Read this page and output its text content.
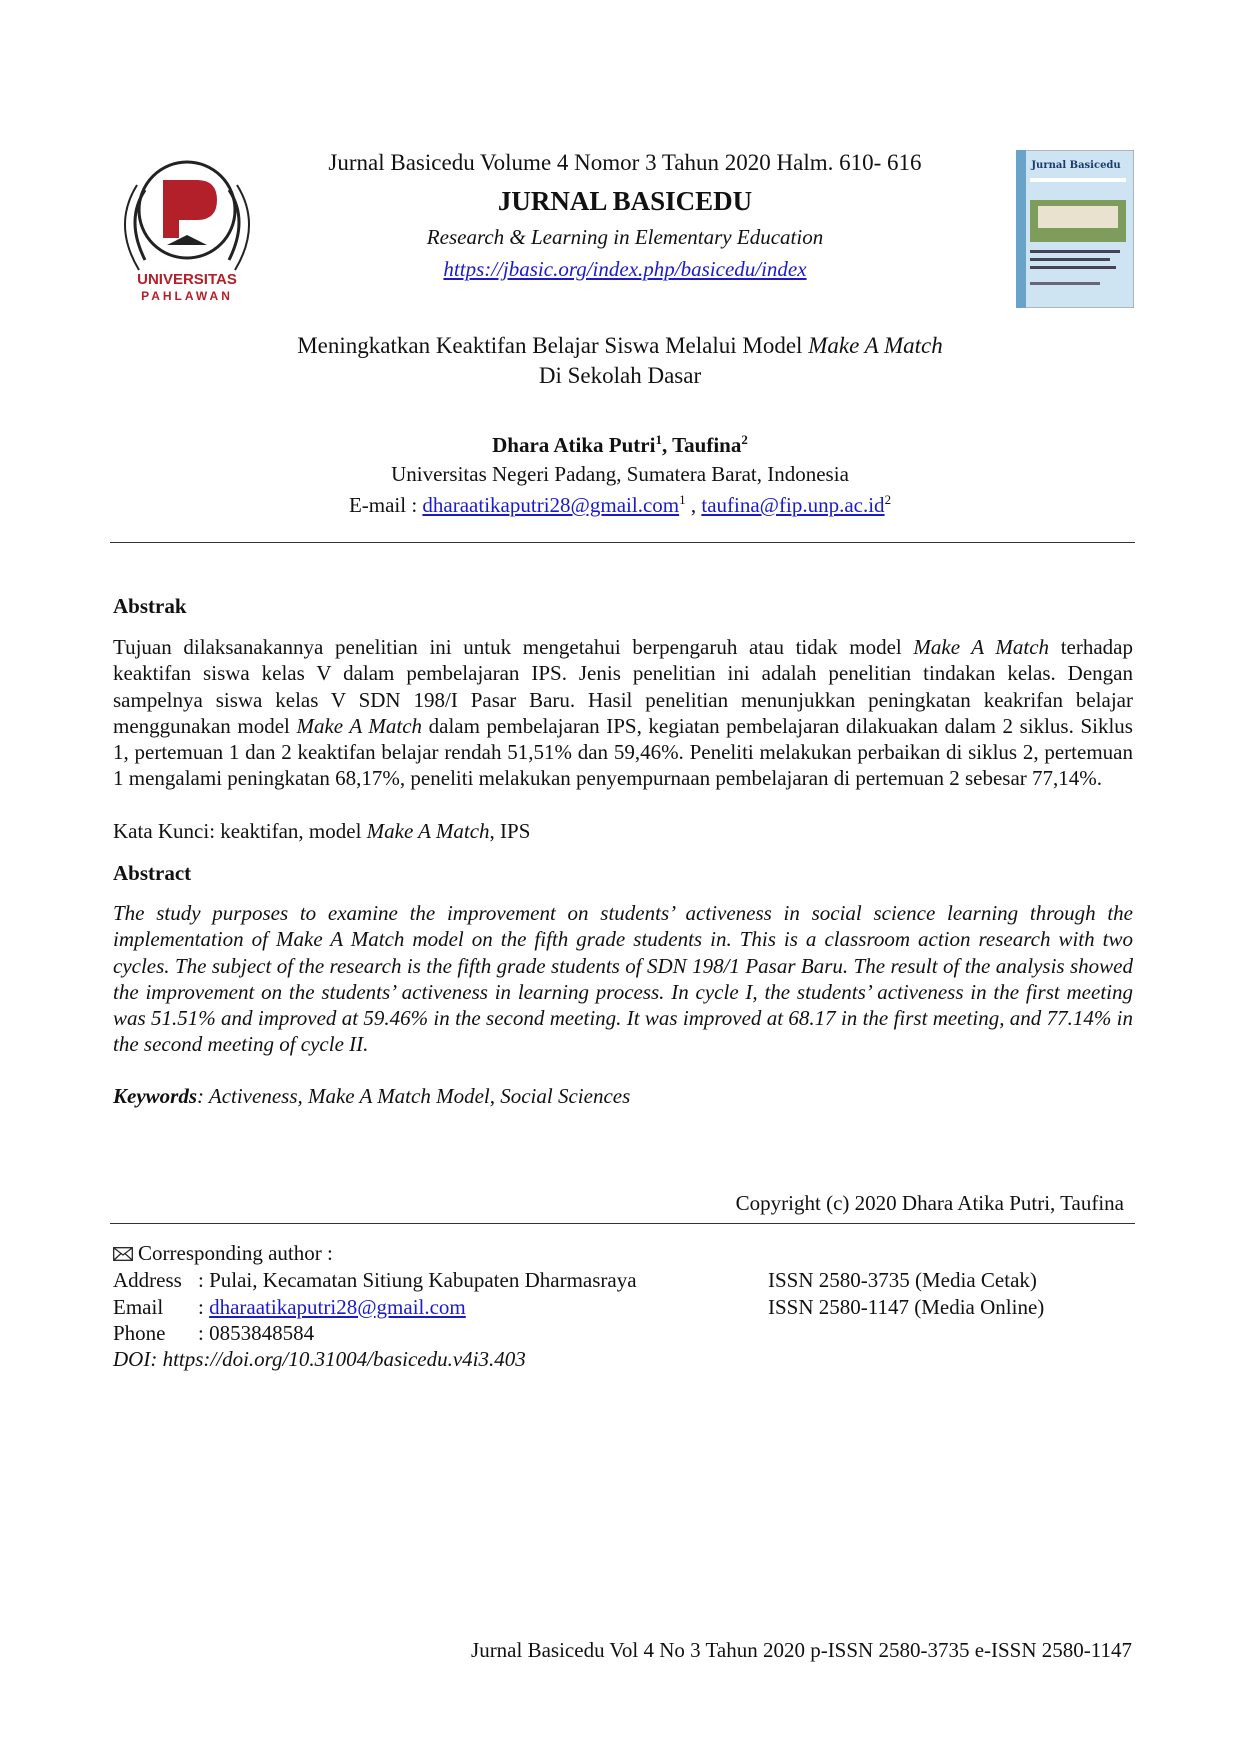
UNIVERSITAS
PAHLAWAN
Jurnal Basicedu
Jurnal Basicedu Volume 4 Nomor 3 Tahun 2020 Halm. 610- 616
JURNAL BASICEDU
Research & Learning in Elementary Education
https://jbasic.org/index.php/basicedu/index
Meningkatkan Keaktifan Belajar Siswa Melalui Model Make A Match
Di Sekolah Dasar
Dhara Atika Putri$^1$, Taufina$^2$
Universitas Negeri Padang, Sumatera Barat, Indonesia
E-mail : dharaatikaputri28@gmail.com$^1$ , $taufina@fip.unp.ac.id^2$
Abstrak
Tujuan dilaksanakannya penelitian ini untuk mengetahui berpengaruh atau tidak model Make A Match terhadap keaktifan siswa kelas V dalam pembelajaran IPS. Jenis penelitian ini adalah penelitian tindakan kelas. Dengan sampelnya siswa kelas V SDN 198/I Pasar Baru. Hasil penelitian menunjukkan peningkatan keakrifan belajar menggunakan model Make A Match dalam pembelajaran IPS, kegiatan pembelajaran dilakuakan dalam 2 siklus. Siklus 1, pertemuan 1 dan 2 keaktifan belajar rendah 51,51% dan 59,46%. Peneliti melakukan perbaikan di siklus 2, pertemuan 1 mengalami peningkatan 68,17%, peneliti melakukan penyempurnaan pembelajaran di pertemuan 2 sebesar 77,14%.
Kata Kunci: keaktifan, model Make A Match, IPS
Abstract
The study purposes to examine the improvement on students’ activeness in social science learning through the implementation of Make A Match model on the fifth grade students in. This is a classroom action research with two cycles. The subject of the research is the fifth grade students of SDN 198/1 Pasar Baru. The result of the analysis showed the improvement on the students’ activeness in learning process. In cycle I, the students’ activeness in the first meeting was 51.51% and improved at 59.46% in the second meeting. It was improved at 68.17 in the first meeting, and 77.14% in the second meeting of cycle II.
Keywords: Activeness, Make A Match Model, Social Sciences
Copyright (c) 2020 Dhara Atika Putri, Taufina
Corresponding author :
Address : Pulai, Kecamatan Sitiung Kabupaten Dharmasraya
Email	: dharaatikaputri28@gmail.com
Phone	: 0853848584
ISSN 2580-3735 (Media Cetak)
ISSN 2580-1147 (Media Online)
DOI: https://doi.org/10.31004/basicedu.v4i3.403
Jurnal Basicedu Vol 4 No 3 Tahun 2020 p-ISSN 2580-3735 e-ISSN 2580-1147
